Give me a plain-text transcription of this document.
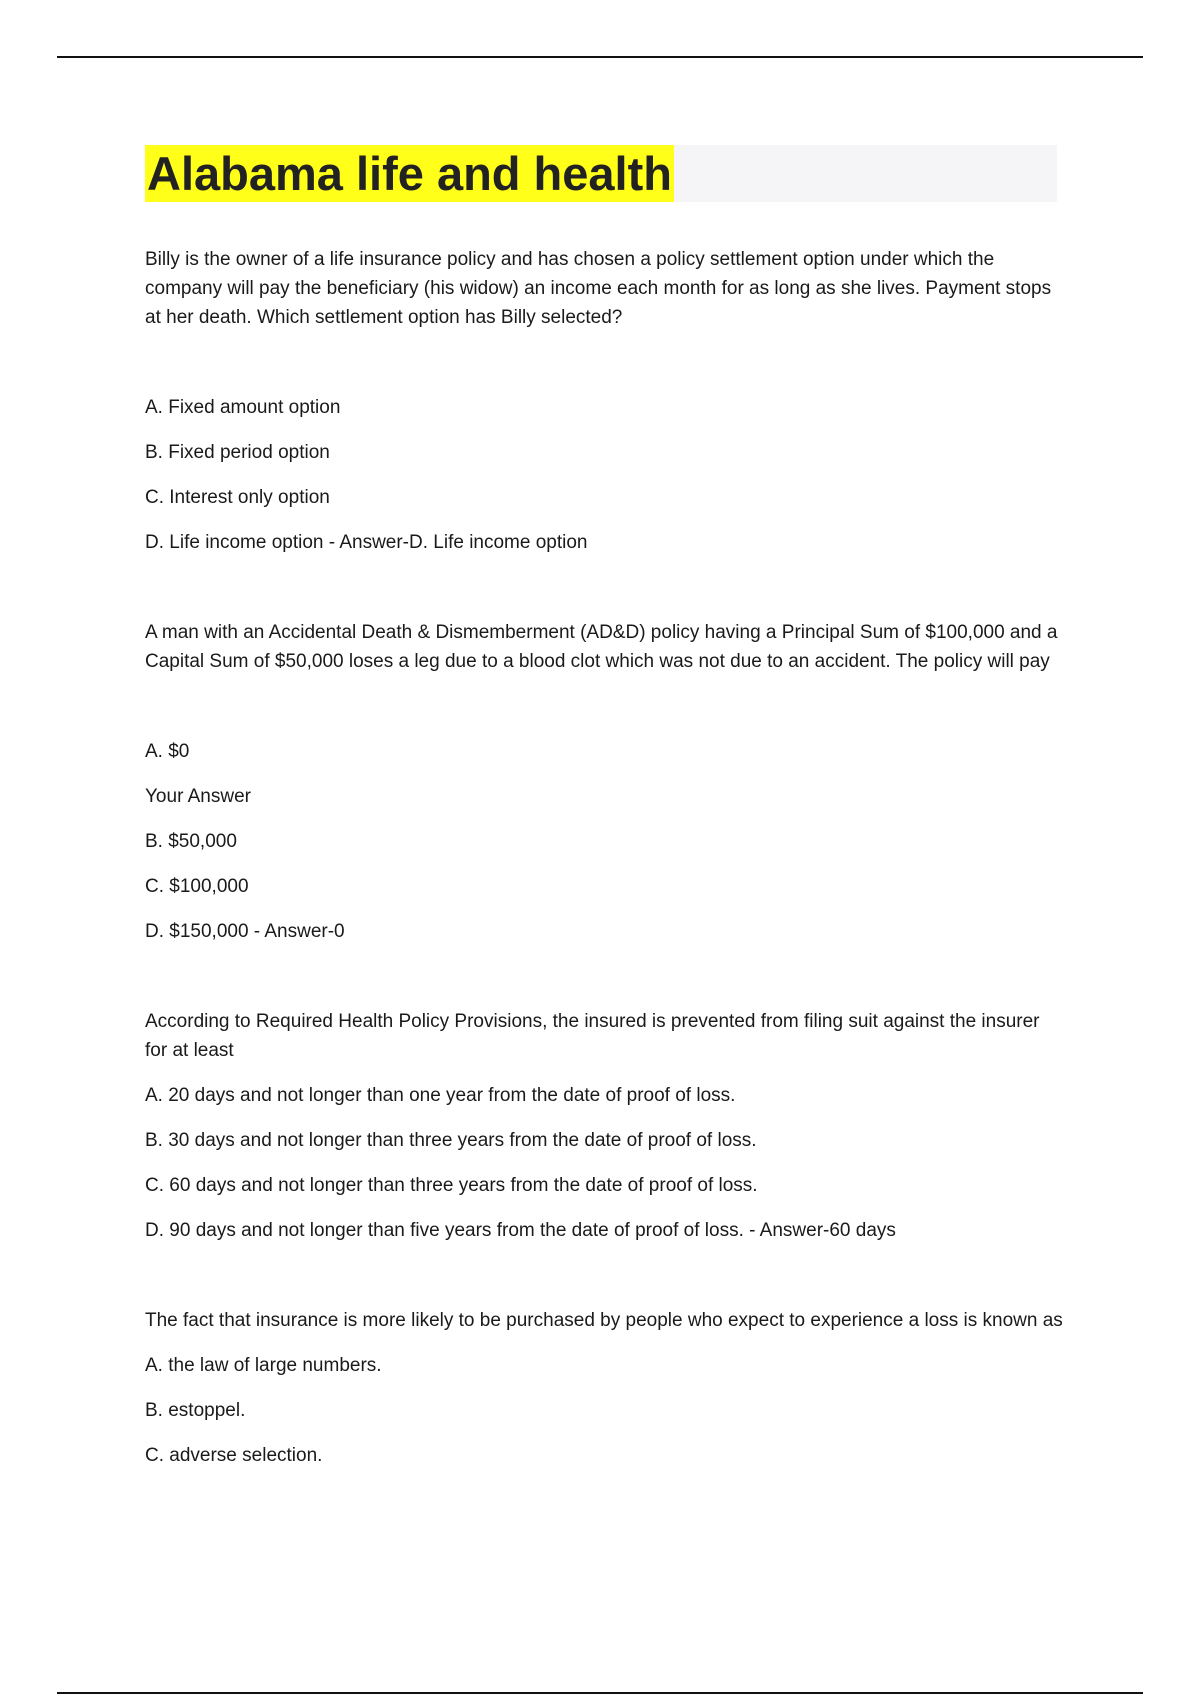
Alabama life and health

Billy is the owner of a life insurance policy and has chosen a policy settlement option under which the company will pay the beneficiary (his widow) an income each month for as long as she lives. Payment stops at her death. Which settlement option has Billy selected?

A. Fixed amount option
B. Fixed period option
C. Interest only option
D. Life income option - Answer-D. Life income option

A man with an Accidental Death & Dismemberment (AD&D) policy having a Principal Sum of $100,000 and a Capital Sum of $50,000 loses a leg due to a blood clot which was not due to an accident. The policy will pay

A. $0
Your Answer
B. $50,000
C. $100,000
D. $150,000 - Answer-0

According to Required Health Policy Provisions, the insured is prevented from filing suit against the insurer for at least

A. 20 days and not longer than one year from the date of proof of loss.
B. 30 days and not longer than three years from the date of proof of loss.
C. 60 days and not longer than three years from the date of proof of loss.
D. 90 days and not longer than five years from the date of proof of loss. - Answer-60 days

The fact that insurance is more likely to be purchased by people who expect to experience a loss is known as

A. the law of large numbers.
B. estoppel.
C. adverse selection.
